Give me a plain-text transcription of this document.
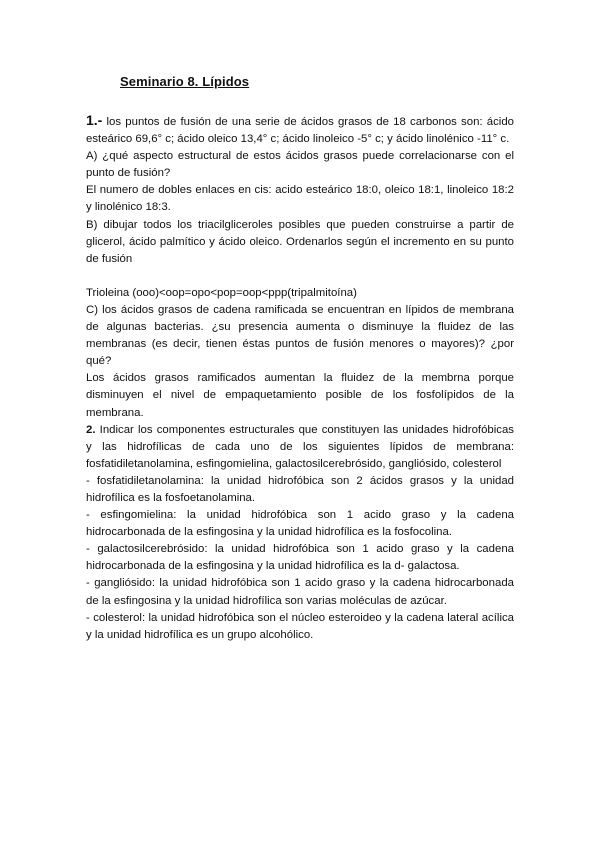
Seminario 8. Lípidos

1.- los puntos de fusión de una serie de ácidos grasos de 18 carbonos son: ácido esteárico 69,6° c; ácido oleico 13,4° c; ácido linoleico -5° c; y ácido linolénico -11° c.

A) ¿qué aspecto estructural de estos ácidos grasos puede correlacionarse con el punto de fusión?

El numero de dobles enlaces en cis: acido esteárico 18:0, oleico 18:1, linoleico 18:2 y linolénico 18:3.

B) dibujar todos los triacilgliceroles posibles que pueden construirse a partir de glicerol, ácido palmítico y ácido oleico. Ordenarlos según el incremento en su punto de fusión

Trioleina (ooo)<oop=opo<pop=oop<ppp(tripalmitoína)

C) los ácidos grasos de cadena ramificada se encuentran en lípidos de membrana de algunas bacterias. ¿su presencia aumenta o disminuye la fluidez de las membranas (es decir, tienen éstas puntos de fusión menores o mayores)? ¿por qué?

Los ácidos grasos ramificados aumentan la fluidez de la membrna porque disminuyen el nivel de empaquetamiento posible de los fosfolípidos de la membrana.

2. Indicar los componentes estructurales que constituyen las unidades hidrofóbicas y las hidrofílicas de cada uno de los siguientes lípidos de membrana: fosfatidiletanolamina, esfingomielina, galactosilcerebrósido, gangliósido, colesterol

- fosfatidiletanolamina: la unidad hidrofóbica son 2 ácidos grasos y la unidad hidrofílica es la fosfoetanolamina.

- esfingomielina: la unidad hidrofóbica son 1 acido graso y la cadena hidrocarbonada de la esfingosina y la unidad hidrofílica es la fosfocolina.

- galactosilcerebrósido: la unidad hidrofóbica son 1 acido graso y la cadena hidrocarbonada de la esfingosina y la unidad hidrofílica es la d- galactosa.

- gangliósido: la unidad hidrofóbica son 1 acido graso y la cadena hidrocarbonada de la esfingosina y la unidad hidrofílica son varias moléculas de azúcar.

- colesterol: la unidad hidrofóbica son el núcleo esteroideo y la cadena lateral acílica y la unidad hidrofílica es un grupo alcohólico.
